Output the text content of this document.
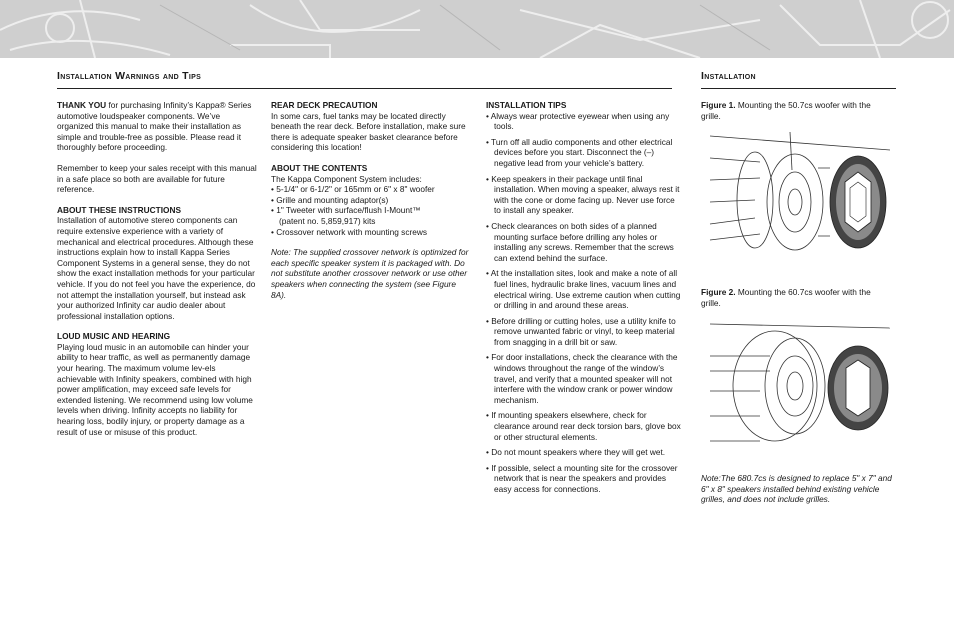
Installation Warnings and Tips	Installation

THANK YOU for purchasing Infinity’s Kappa® Series automotive loudspeaker components. We’ve organized this manual to make their installation as simple and trouble-free as possible. Please read it thoroughly before proceeding.

Remember to keep your sales receipt with this manual in a safe place so both are available for future reference.

ABOUT THESE INSTRUCTIONS

Installation of automotive stereo components can require extensive experience with a variety of mechanical and electrical procedures. Although these instructions explain how to install Kappa Series Component Systems in a general sense, they do not show the exact installation methods for your particular vehicle. If you do not feel you have the experience, do not attempt the installation yourself, but instead ask your authorized Infinity car audio dealer about professional installation options.

LOUD MUSIC AND HEARING

Playing loud music in an automobile can hinder your ability to hear traffic, as well as permanently damage your hearing. The maximum volume lev-els achievable with Infinity speakers, combined with high power amplification, may exceed safe levels for extended listening. We recommend using low volume levels when driving. Infinity accepts no liability for hearing loss, bodily injury, or property damage as a result of use or misuse of this product.

REAR DECK PRECAUTION

In some cars, fuel tanks may be located directly beneath the rear deck. Before installation, make sure there is adequate speaker basket clearance before considering this location!

ABOUT THE CONTENTS

The Kappa Component System includes:

• 5-1/4" or 6-1/2" or 165mm or 6" x 8" woofer

• Grille and mounting adaptor(s)

• 1" Tweeter with surface/flush I-Mount™

(patent no. 5,859,917) kits

• Crossover network with mounting screws

Note: The supplied crossover network is optimized for each specific speaker system it is packaged with. Do not substitute another crossover network or use other speakers when connecting the system (see Figure 8A).

INSTALLATION TIPS

• Always wear protective eyewear when using any tools.

• Turn off all audio components and other electrical devices before you start. Disconnect the (–) negative lead from your vehicle’s battery.

• Keep speakers in their package until final installation. When moving a speaker, always rest it with the cone or dome facing up. Never use force to install any speaker.

• Check clearances on both sides of a planned mounting surface before drilling any holes or installing any screws. Remember that the screws can extend behind the surface.

• At the installation sites, look and make a note of all fuel lines, hydraulic brake lines, vacuum lines and electrical wiring. Use extreme caution when cutting or drilling in and around these areas.

• Before drilling or cutting holes, use a utility knife to remove unwanted fabric or vinyl, to keep material from snagging in a drill bit or saw.

• For door installations, check the clearance with the windows throughout the range of the window’s travel, and verify that a mounted speaker will not interfere with the window crank or power window mechanism.

• If mounting speakers elsewhere, check for clearance around rear deck torsion bars, glove box or other structural elements.

• Do not mount speakers where they will get wet.

• If possible, select a mounting site for the crossover network that is near the speakers and provides easy access for connections.

Figure 1. Mounting the 50.7cs woofer with the grille.
Figure 2. Mounting the 60.7cs woofer with the grille.
Note:The 680.7cs is designed to replace 5" x 7" and 6" x 8" speakers installed behind existing vehicle grilles, and does not include grilles.
